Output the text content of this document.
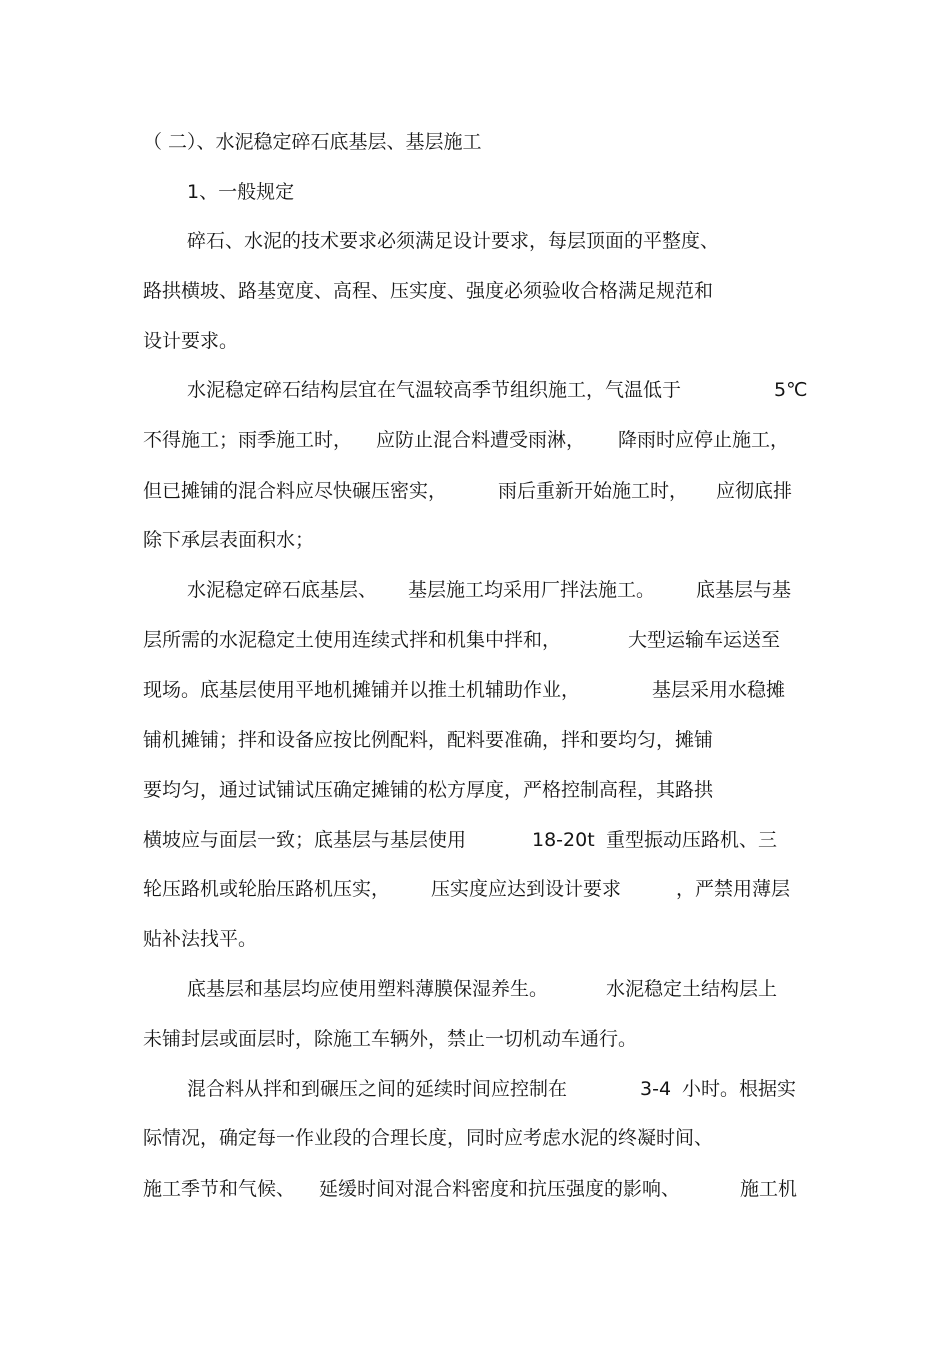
（ 二）、水泥稳定碎石底基层、基层施工
1、一般规定
碎石、水泥的技术要求必须满足设计要求，每层顶面的平整度、
路拱横坡、路基宽度、高程、压实度、强度必须验收合格满足规范和
设计要求。
水泥稳定碎石结构层宜在气温较高季节组织施工，气温低于	5℃
不得施工；雨季施工时， 应防止混合料遭受雨淋， 降雨时应停止施工，
但已摊铺的混合料应尽快碾压密实，	雨后重新开始施工时， 应彻底排
除下承层表面积水；
水泥稳定碎石底基层、 基层施工均采用厂拌法施工。 底基层与基
层所需的水泥稳定土使用连续式拌和机集中拌和，	大型运输车运送至
现场。底基层使用平地机摊铺并以推土机辅助作业，	基层采用水稳摊
铺机摊铺；拌和设备应按比例配料，配料要准确，拌和要均匀，摊铺
要均匀，通过试铺试压确定摊铺的松方厚度，严格控制高程，其路拱
横坡应与面层一致；底基层与基层使用	18-20t 重型振动压路机、三
轮压路机或轮胎压路机压实， 压实度应达到设计要求	，严禁用薄层
贴补法找平。
底基层和基层均应使用塑料薄膜保湿养生。	水泥稳定土结构层上
未铺封层或面层时，除施工车辆外，禁止一切机动车通行。
混合料从拌和到碾压之间的延续时间应控制在	3-4 小时。根据实
际情况，确定每一作业段的合理长度，同时应考虑水泥的终凝时间、
施工季节和气候、 延缓时间对混合料密度和抗压强度的影响、	施工机
